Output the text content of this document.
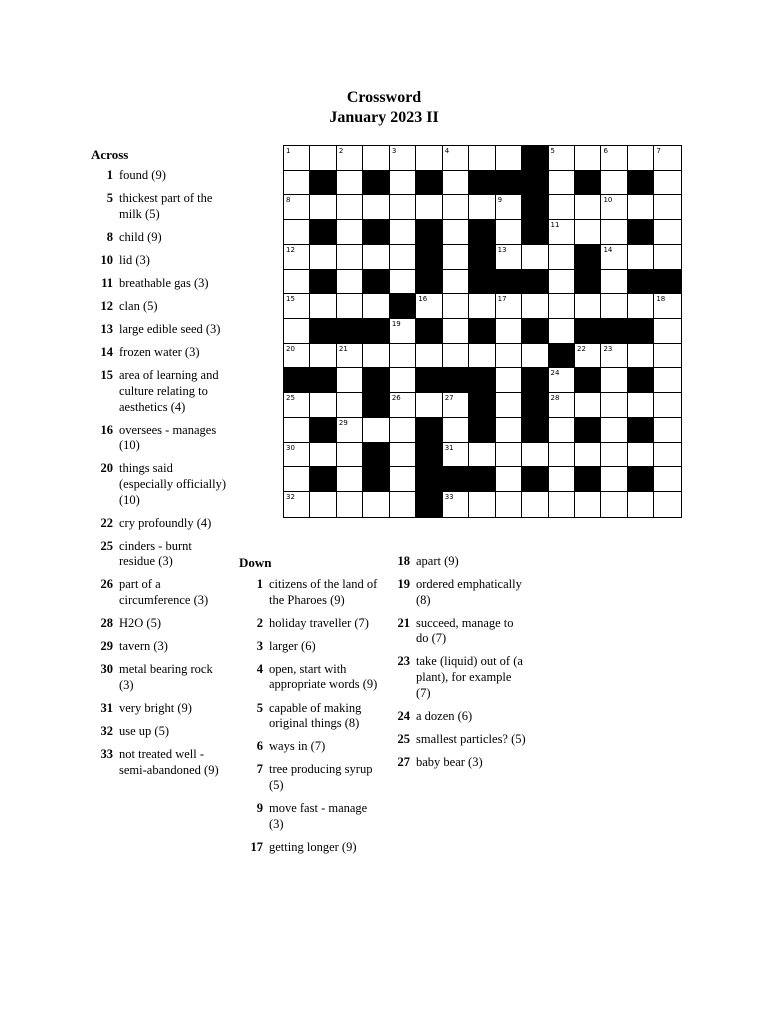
Crossword
January 2023 II
Across
1 found (9)
5 thickest part of the milk (5)
8 child (9)
10 lid (3)
11 breathable gas (3)
12 clan (5)
13 large edible seed (3)
14 frozen water (3)
15 area of learning and culture relating to aesthetics (4)
16 oversees - manages (10)
20 things said (especially officially) (10)
22 cry profoundly (4)
25 cinders - burnt residue (3)
26 part of a circumference (3)
28 H2O (5)
29 tavern (3)
30 metal bearing rock (3)
31 very bright (9)
32 use up (5)
33 not treated well - semi-abandoned (9)
1	2	3	4	5	6	7
8	9	10
11
12	13	14
15	16	17	18
19
20	21	22	23
24
25	26	27	28
29
30	31
32	33
Down
1 citizens of the land of the Pharoes (9)
2 holiday traveller (7)
3 larger (6)
4 open, start with appropriate words (9)
5 capable of making original things (8)
6 ways in (7)
7 tree producing syrup (5)
9 move fast - manage (3)
17 getting longer (9)
18 apart (9)
19 ordered emphatically (8)
21 succeed, manage to do (7)
23 take (liquid) out of (a plant), for example (7)
24 a dozen (6)
25 smallest particles? (5)
27 baby bear (3)
